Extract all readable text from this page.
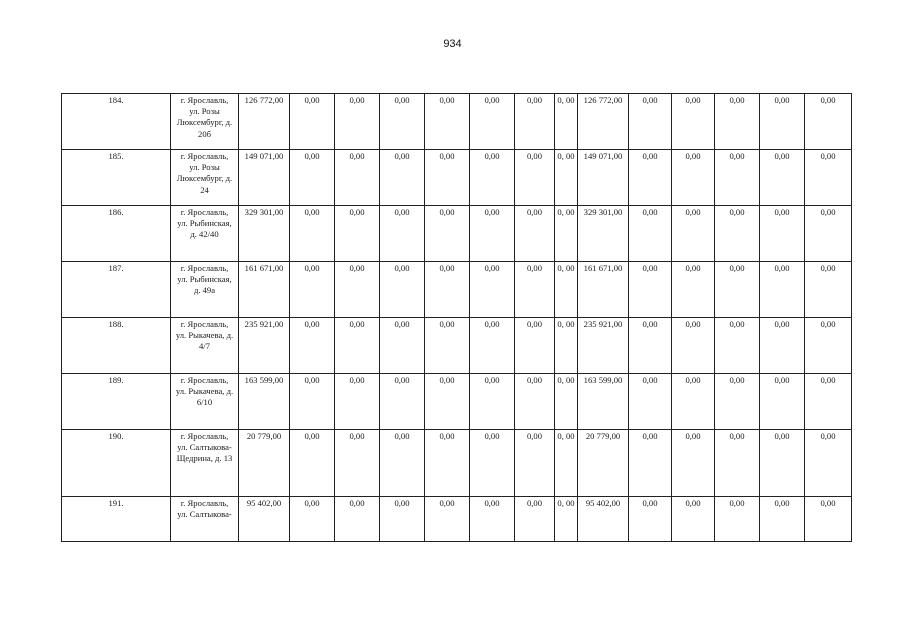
934
184.	г. Ярославль, ул. Розы Люксембург, д. 20б	126 772,00	0,00	0,00	0,00	0,00	0,00	0,00	0, 00	126 772,00	0,00	0,00	0,00	0,00	0,00
185.	г. Ярославль, ул. Розы Люксембург, д. 24	149 071,00	0,00	0,00	0,00	0,00	0,00	0,00	0, 00	149 071,00	0,00	0,00	0,00	0,00	0,00
186.	г. Ярославль, ул. Рыбинская, д. 42/40	329 301,00	0,00	0,00	0,00	0,00	0,00	0,00	0, 00	329 301,00	0,00	0,00	0,00	0,00	0,00
187.	г. Ярославль, ул. Рыбинская, д. 49а	161 671,00	0,00	0,00	0,00	0,00	0,00	0,00	0, 00	161 671,00	0,00	0,00	0,00	0,00	0,00
188.	г. Ярославль, ул. Рыкачева, д. 4/7	235 921,00	0,00	0,00	0,00	0,00	0,00	0,00	0, 00	235 921,00	0,00	0,00	0,00	0,00	0,00
189.	г. Ярославль, ул. Рыкачева, д. 6/10	163 599,00	0,00	0,00	0,00	0,00	0,00	0,00	0, 00	163 599,00	0,00	0,00	0,00	0,00	0,00
190.	г. Ярославль, ул. Салтыкова-Щедрина, д. 13	20 779,00	0,00	0,00	0,00	0,00	0,00	0,00	0, 00	20 779,00	0,00	0,00	0,00	0,00	0,00
191.	г. Ярославль, ул. Салтыкова-	95 402,00	0,00	0,00	0,00	0,00	0,00	0,00	0, 00	95 402,00	0,00	0,00	0,00	0,00	0,00
